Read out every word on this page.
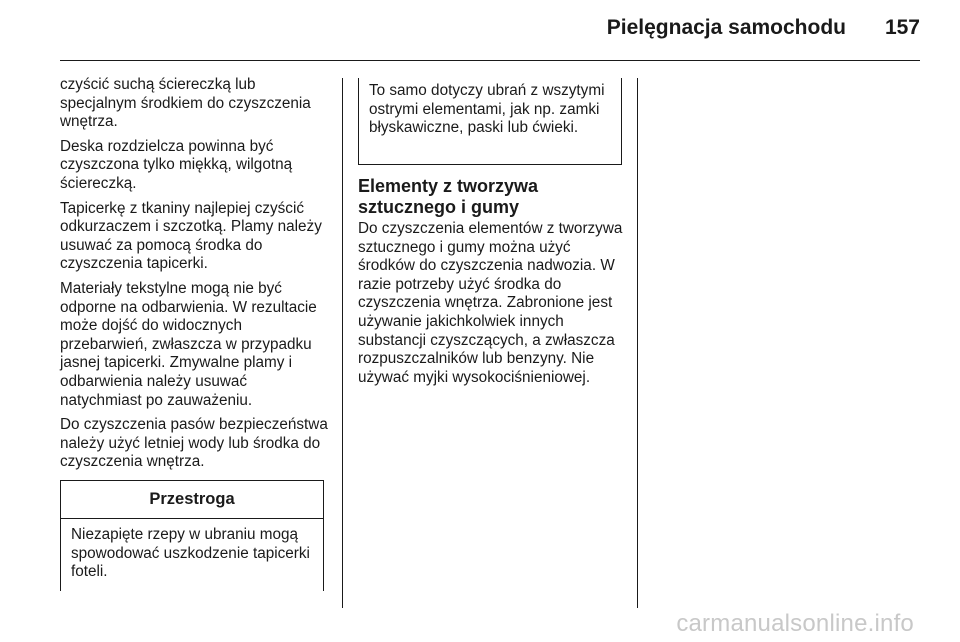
Pielęgnacja samochodu 157

czyścić suchą ściereczką lub specjalnym środkiem do czyszczenia wnętrza.

Deska rozdzielcza powinna być czyszczona tylko miękką, wilgotną ściereczką.

Tapicerkę z tkaniny najlepiej czyścić odkurzaczem i szczotką. Plamy należy usuwać za pomocą środka do czyszczenia tapicerki.

Materiały tekstylne mogą nie być odporne na odbarwienia. W rezultacie może dojść do widocznych przebarwień, zwłaszcza w przypadku jasnej tapicerki. Zmywalne plamy i odbarwienia należy usuwać natychmiast po zauważeniu.

Do czyszczenia pasów bezpieczeństwa należy użyć letniej wody lub środka do czyszczenia wnętrza.

Przestroga
Niezapięte rzepy w ubraniu mogą spowodować uszkodzenie tapicerki foteli.
To samo dotyczy ubrań z wszytymi ostrymi elementami, jak np. zamki błyskawiczne, paski lub ćwieki.
Elementy z tworzywa sztucznego i gumy

Do czyszczenia elementów z tworzywa sztucznego i gumy można użyć środków do czyszczenia nadwozia. W razie potrzeby użyć środka do czyszczenia wnętrza. Zabronione jest używanie jakichkolwiek innych substancji czyszczących, a zwłaszcza rozpuszczalników lub benzyny. Nie używać myjki wysokociśnieniowej.

carmanualsonline.info
